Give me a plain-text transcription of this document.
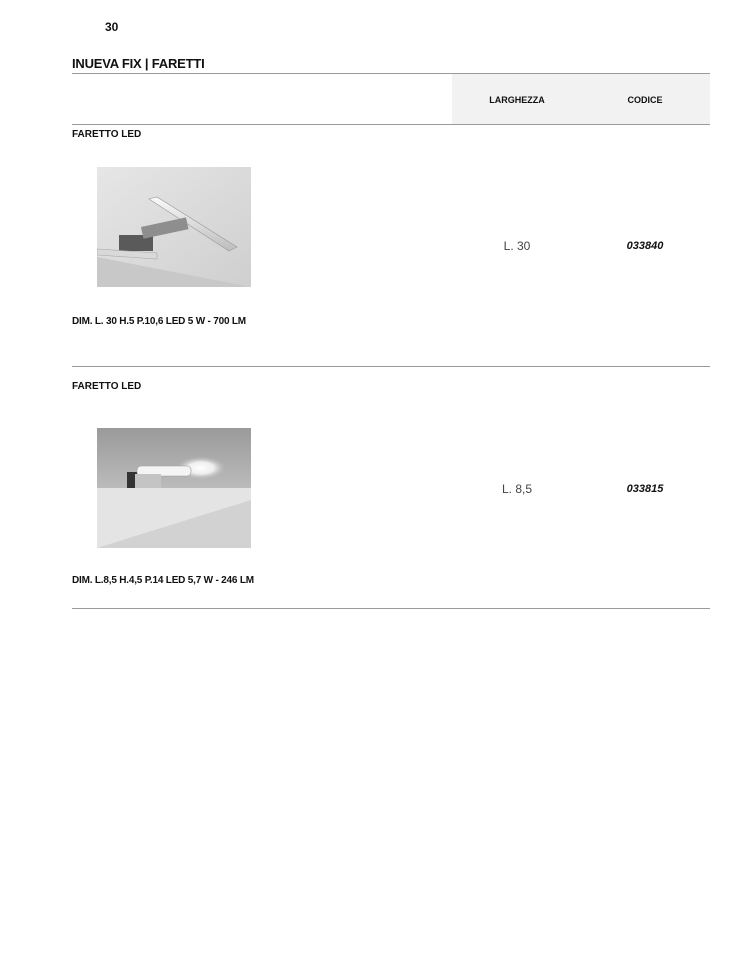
30
INUEVA FIX | FARETTI
LARGHEZZA	CODICE
FARETTO LED
L. 30	033840
DIM. L. 30 H.5 P.10,6 LED 5 W - 700 LM
FARETTO LED
L. 8,5	033815
DIM. L.8,5 H.4,5 P.14 LED 5,7 W - 246 LM
